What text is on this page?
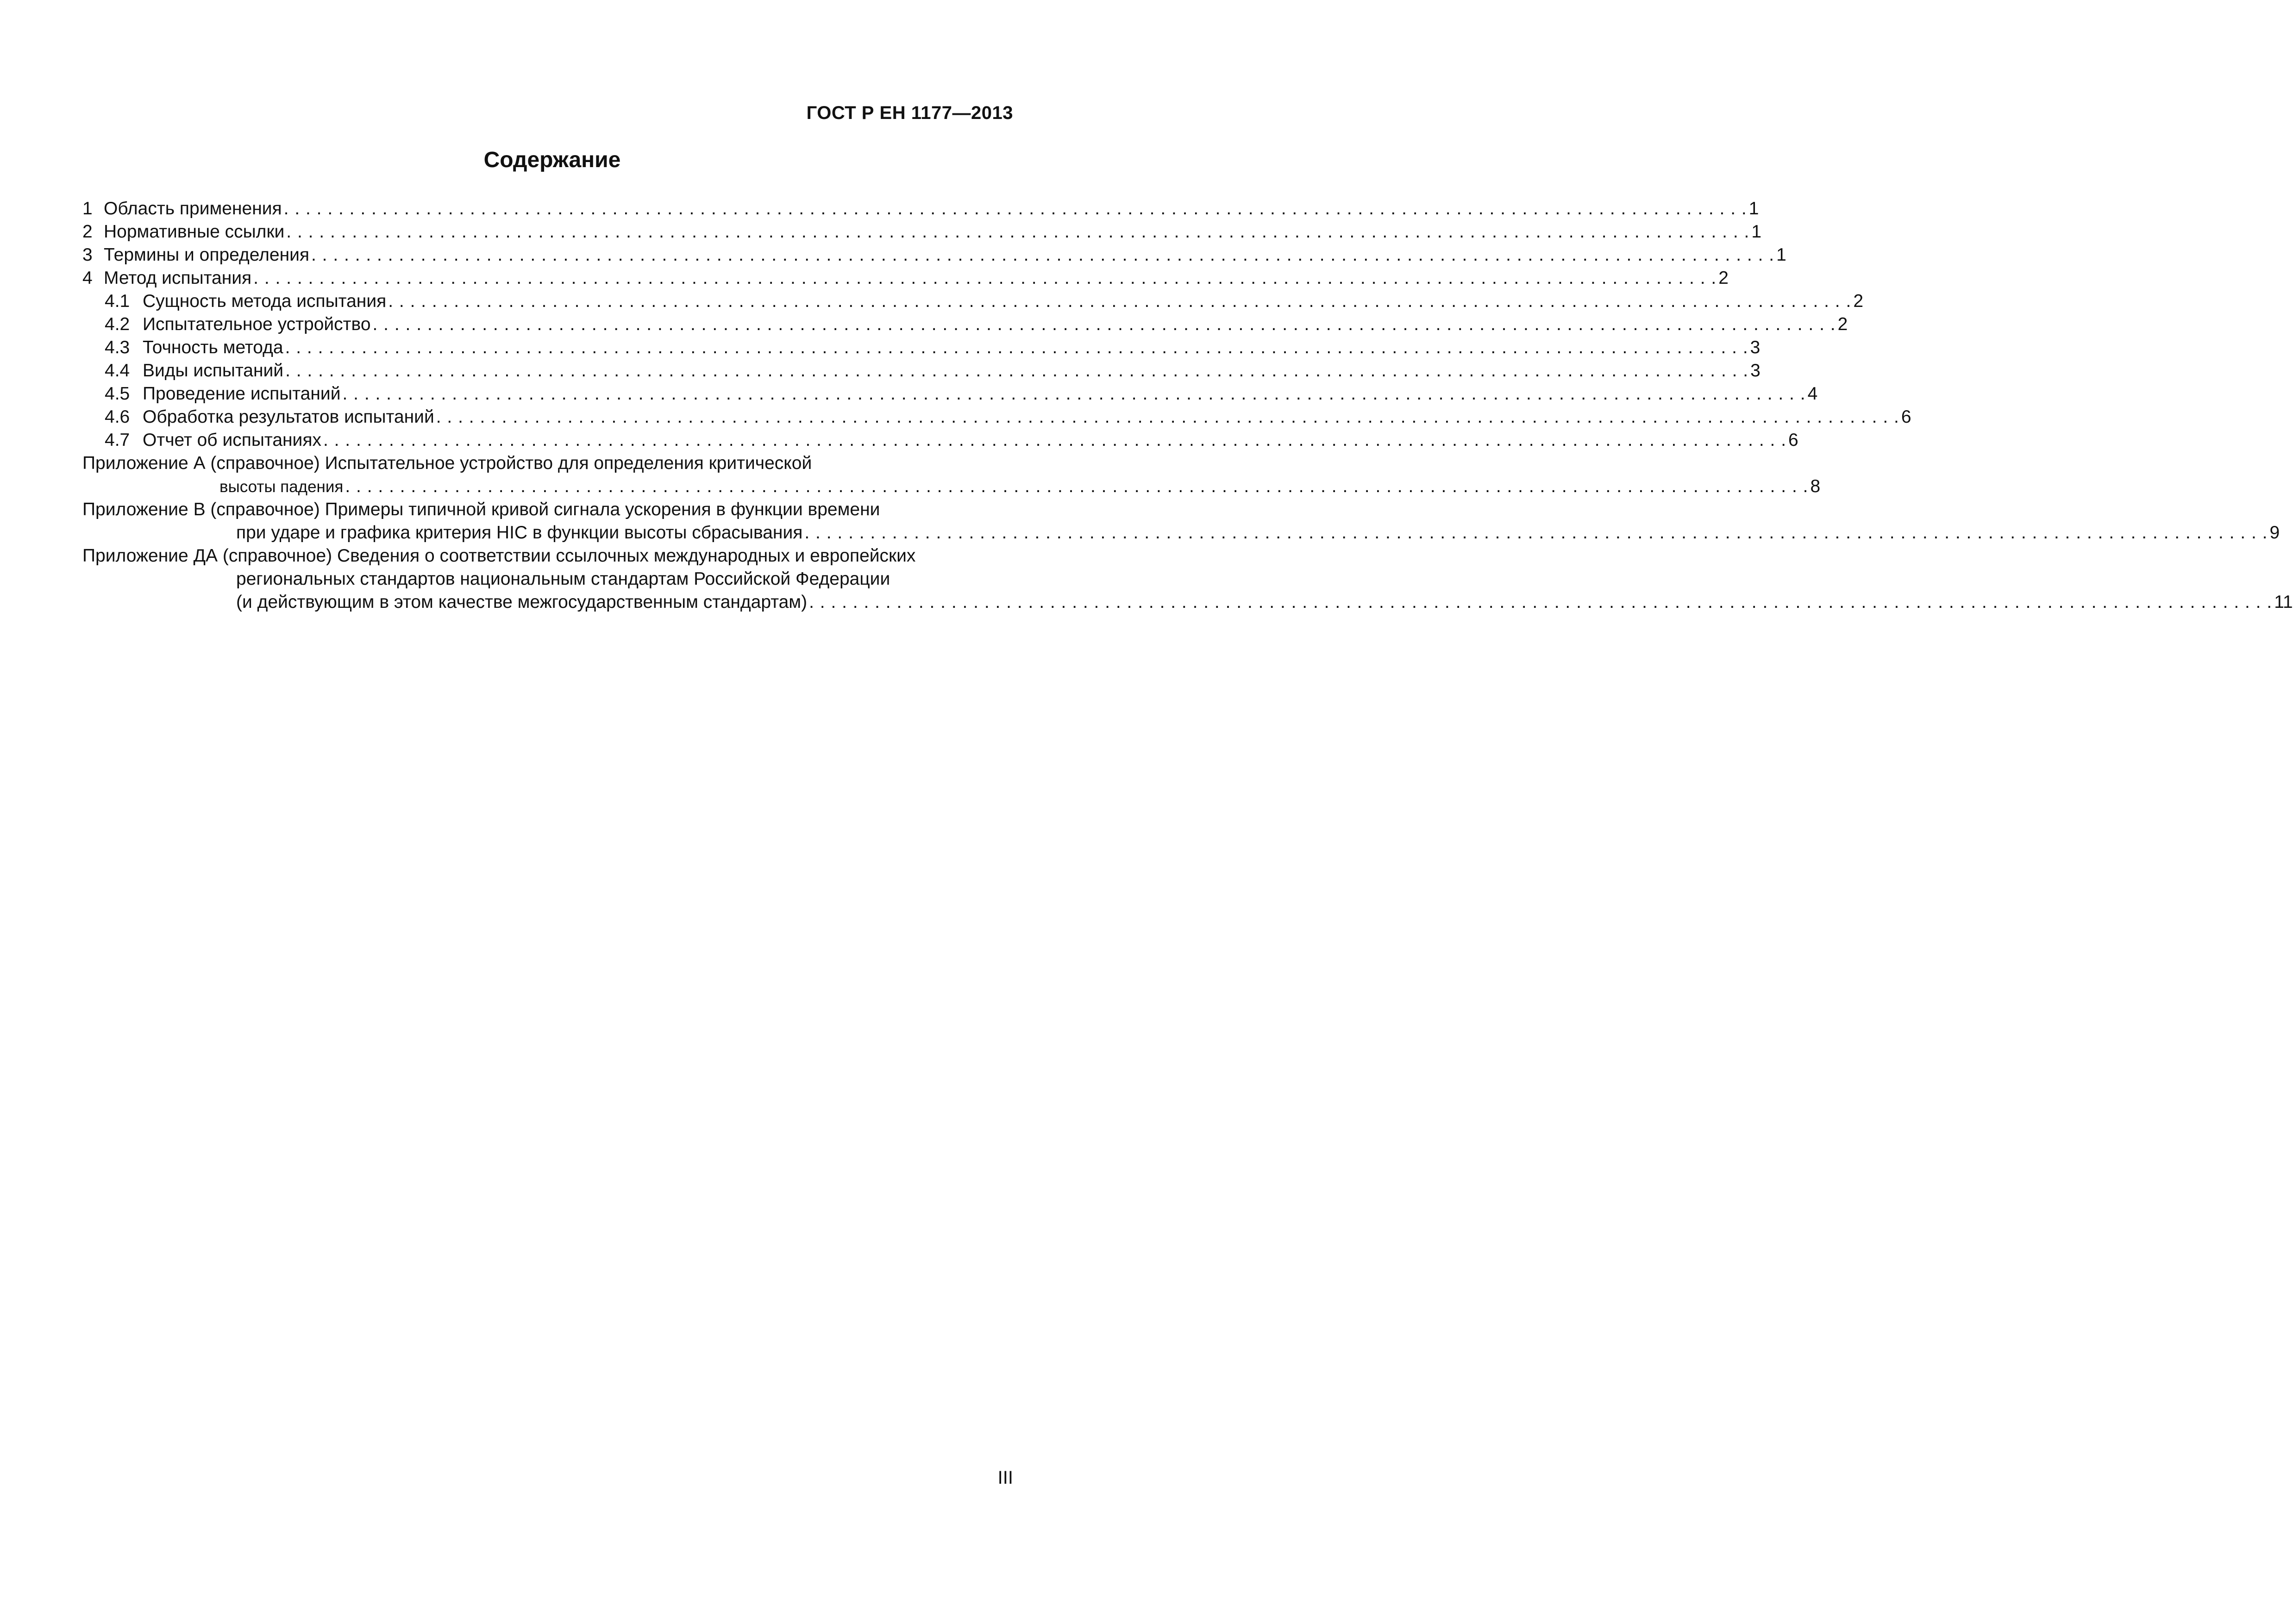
ГОСТ Р ЕН 1177—2013
Содержание
1 Область применения . . .	1
2 Нормативные ссылки . . .	1
3 Термины и определения . . .	1
4 Метод испытания . . .	2
4.1 Сущность метода испытания . . .	2
4.2 Испытательное устройство . . .	2
4.3 Точность метода . . .	3
4.4 Виды испытаний . . .	3
4.5 Проведение испытаний . . .	4
4.6 Обработка результатов испытаний . . .	6
4.7 Отчет об испытаниях . . .	6
Приложение А (справочное) Испытательное устройство для определения критической
высоты падения . . .	8
Приложение В (справочное) Примеры типичной кривой сигнала ускорения в функции времени
при ударе и графика критерия HIC в функции высоты сбрасывания . . .	9
Приложение ДА (справочное) Сведения о соответствии ссылочных международных и европейских
региональных стандартов национальным стандартам Российской Федерации
(и действующим в этом качестве межгосударственным стандартам) . . .	11
III
